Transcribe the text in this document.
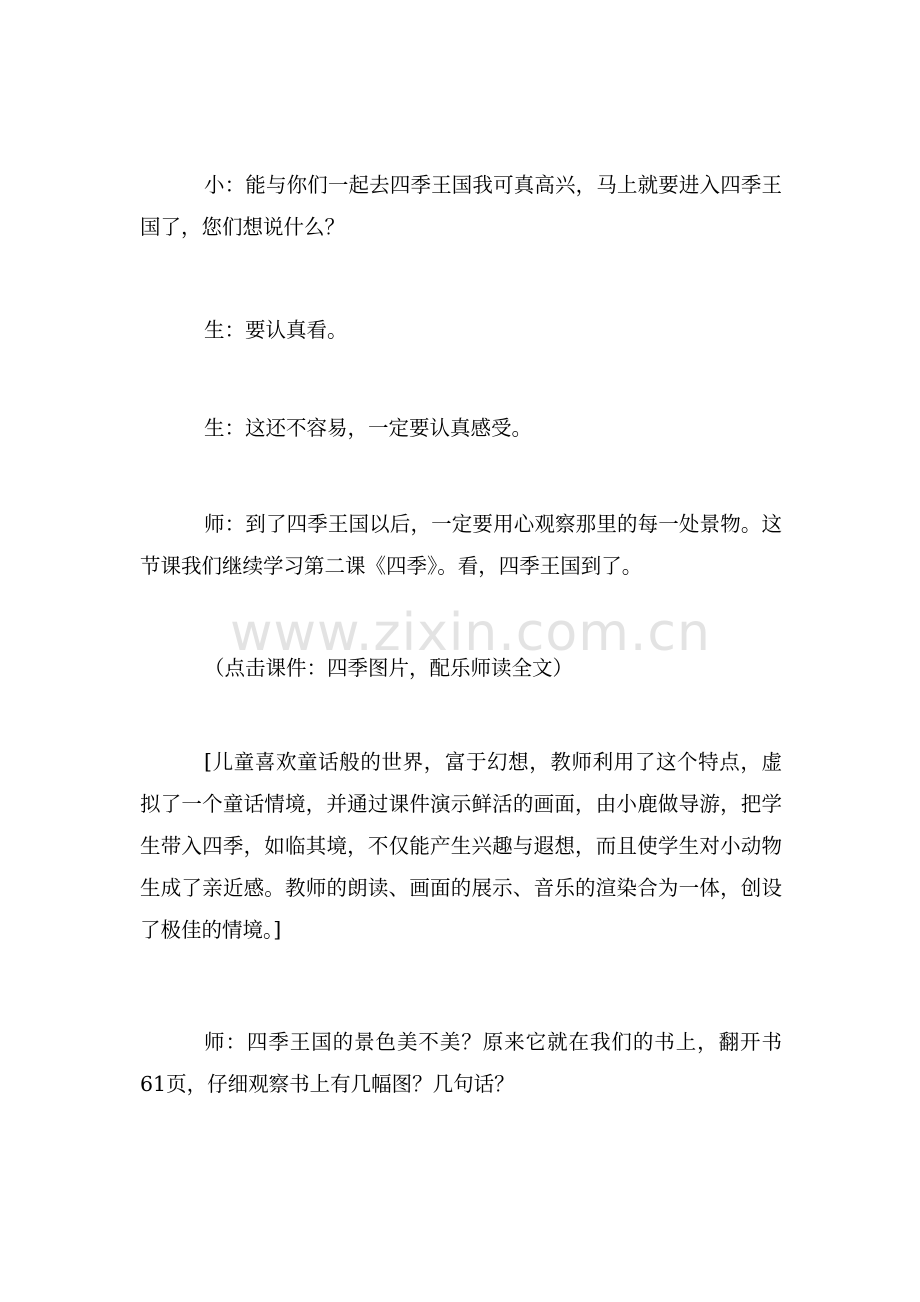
www.zixin.com.cn

小：能与你们一起去四季王国我可真高兴，马上就要进入四季王国了，您们想说什么？

生：要认真看。

生：这还不容易，一定要认真感受。

师：到了四季王国以后，一定要用心观察那里的每一处景物。这节课我们继续学习第二课《四季》。看，四季王国到了。

（点击课件：四季图片，配乐师读全文）

[儿童喜欢童话般的世界，富于幻想，教师利用了这个特点，虚拟了一个童话情境，并通过课件演示鲜活的画面，由小鹿做导游，把学生带入四季，如临其境，不仅能产生兴趣与遐想，而且使学生对小动物生成了亲近感。教师的朗读、画面的展示、音乐的渲染合为一体，创设了极佳的情境。]

师：四季王国的景色美不美？原来它就在我们的书上，翻开书61页，仔细观察书上有几幅图？几句话？
